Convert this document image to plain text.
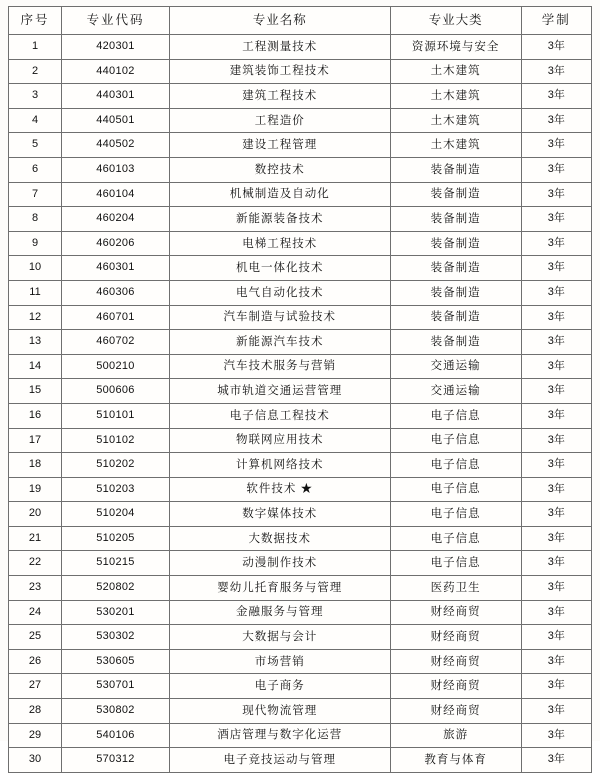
序号	专业代码	专业名称	专业大类	学制
1	420301	工程测量技术	资源环境与安全	3年
2	440102	建筑装饰工程技术	土木建筑	3年
3	440301	建筑工程技术	土木建筑	3年
4	440501	工程造价	土木建筑	3年
5	440502	建设工程管理	土木建筑	3年
6	460103	数控技术	装备制造	3年
7	460104	机械制造及自动化	装备制造	3年
8	460204	新能源装备技术	装备制造	3年
9	460206	电梯工程技术	装备制造	3年
10	460301	机电一体化技术	装备制造	3年
11	460306	电气自动化技术	装备制造	3年
12	460701	汽车制造与试验技术	装备制造	3年
13	460702	新能源汽车技术	装备制造	3年
14	500210	汽车技术服务与营销	交通运输	3年
15	500606	城市轨道交通运营管理	交通运输	3年
16	510101	电子信息工程技术	电子信息	3年
17	510102	物联网应用技术	电子信息	3年
18	510202	计算机网络技术	电子信息	3年
19	510203	软件技术 ★	电子信息	3年
20	510204	数字媒体技术	电子信息	3年
21	510205	大数据技术	电子信息	3年
22	510215	动漫制作技术	电子信息	3年
23	520802	婴幼儿托育服务与管理	医药卫生	3年
24	530201	金融服务与管理	财经商贸	3年
25	530302	大数据与会计	财经商贸	3年
26	530605	市场营销	财经商贸	3年
27	530701	电子商务	财经商贸	3年
28	530802	现代物流管理	财经商贸	3年
29	540106	酒店管理与数字化运营	旅游	3年
30	570312	电子竞技运动与管理	教育与体育	3年
